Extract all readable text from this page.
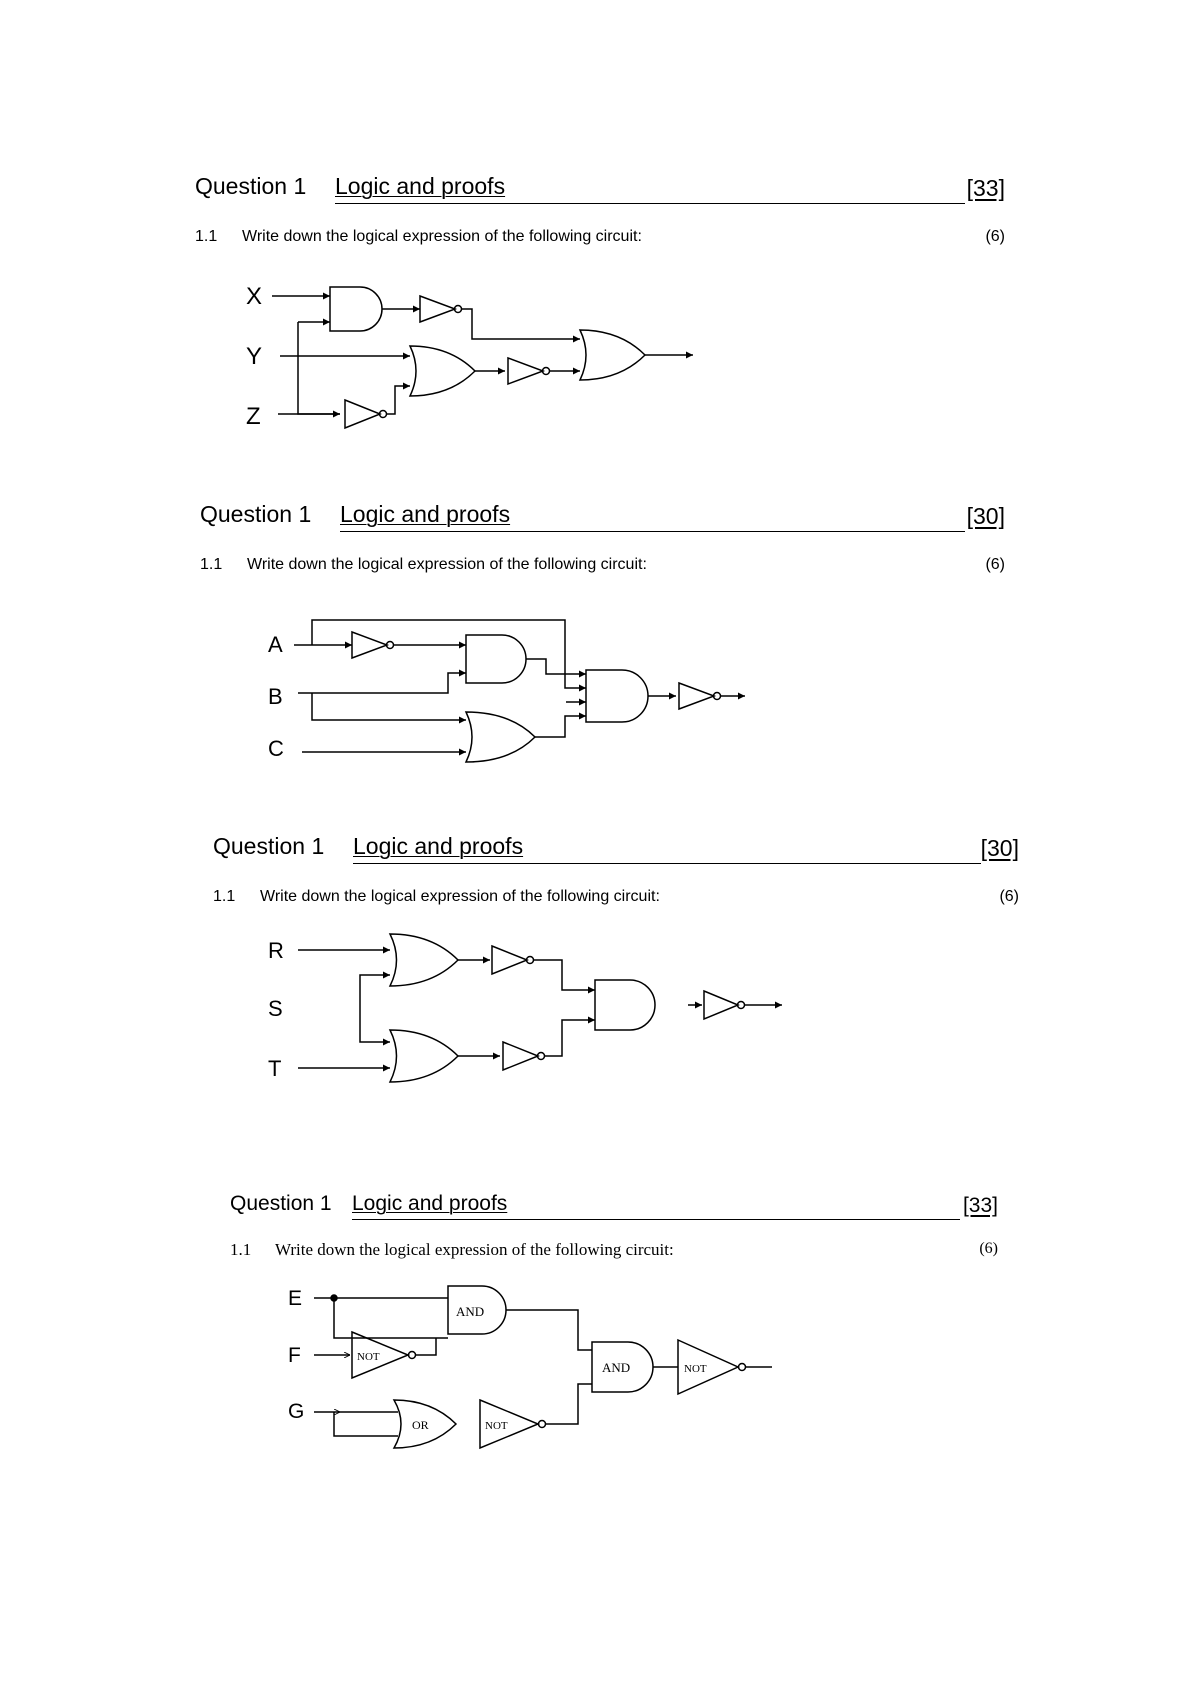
Question 1 Logic and proofs	[33]
1.1 Write down the logical expression of the following circuit:	(6)
X
Y
Z
Question 1 Logic and proofs	[30]
1.1 Write down the logical expression of the following circuit:	(6)
A
B
C
Question 1 Logic and proofs	[30]
1.1 Write down the logical expression of the following circuit:	(6)
R
S
T
Question 1 Logic and proofs	[33]
1.1 Write down the logical expression of the following circuit:	(6)
E
F
G
AND
NOT
OR	NOT
AND	NOT
